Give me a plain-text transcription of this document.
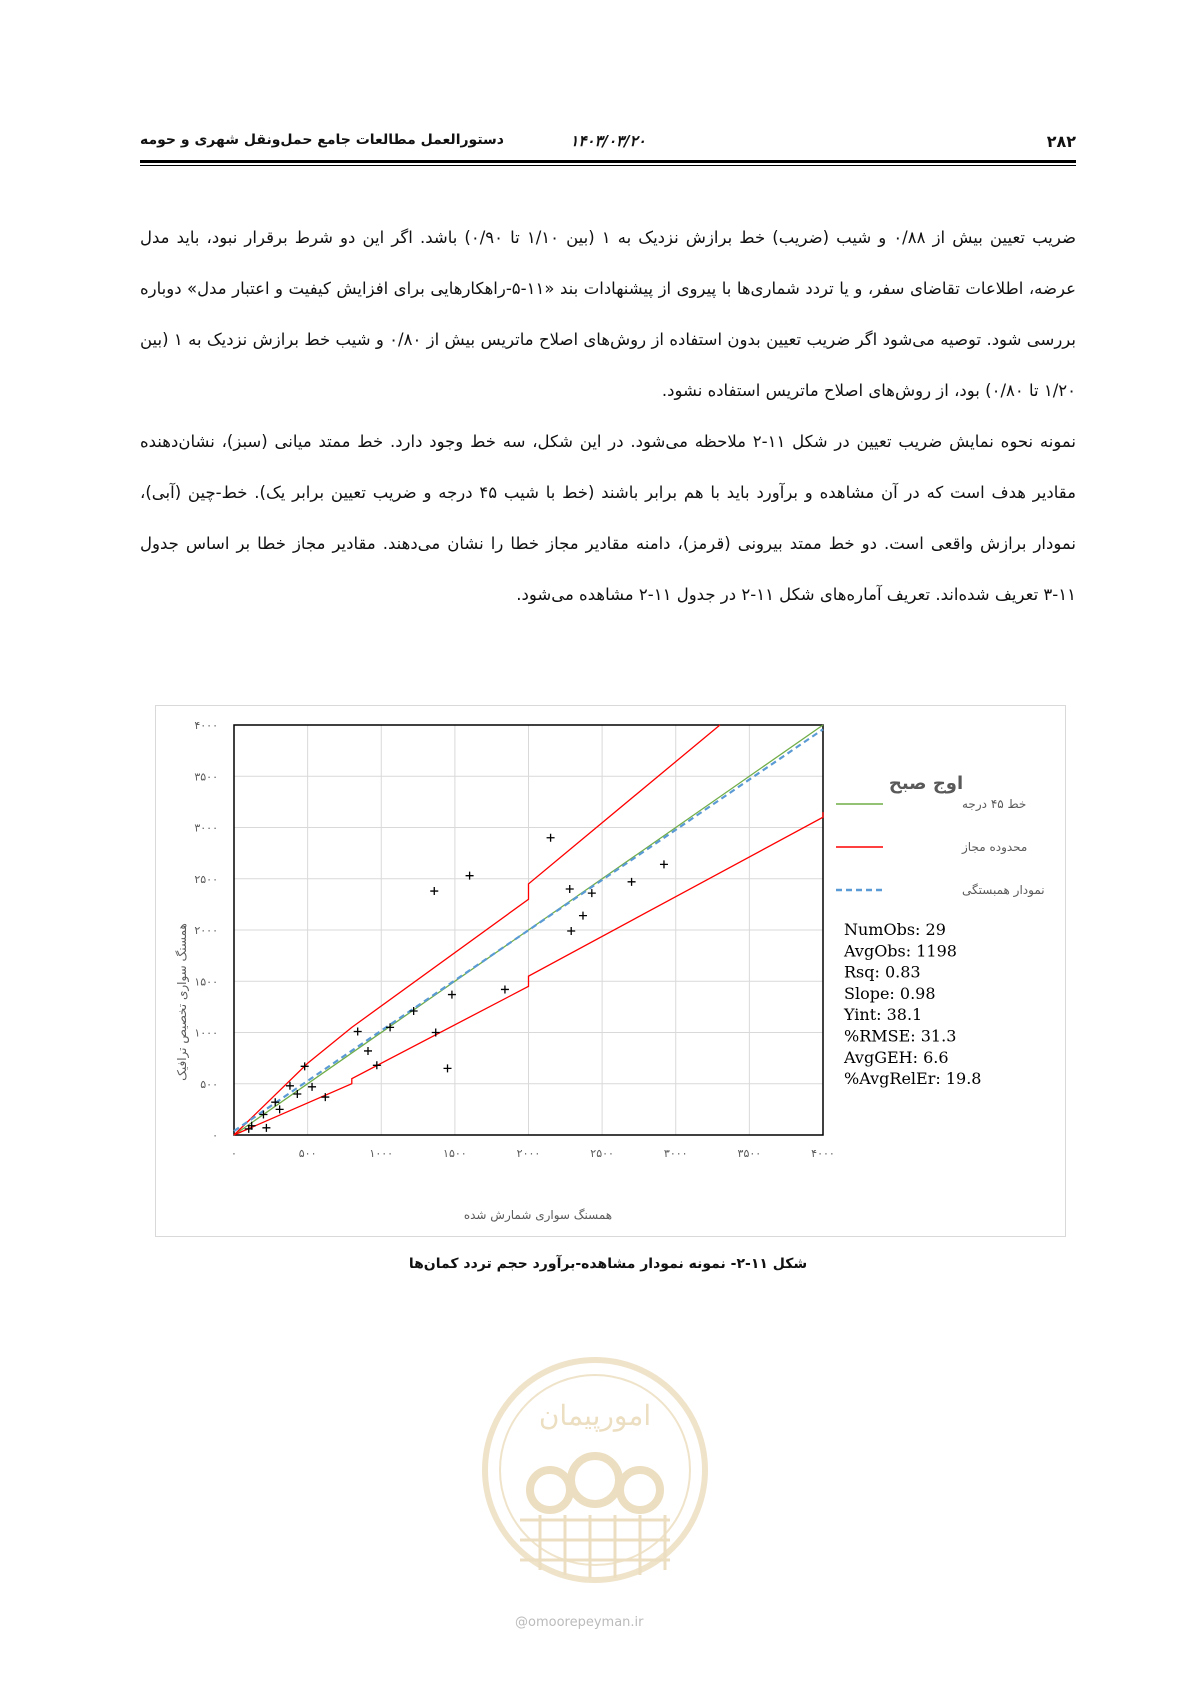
۲۸۲
۱۴۰۳/۰۳/۲۰
دستورالعمل مطالعات جامع حمل‌ونقل شهری و حومه

ضریب تعیین بیش از ۰/۸۸ و شیب (ضریب) خط برازش نزدیک به ۱ (بین ۱/۱۰ تا ۰/۹۰) باشد. اگر این دو شرط برقرار نبود، باید مدل عرضه، اطلاعات تقاضای سفر، و یا تردد شماری‌ها با پیروی از پیشنهادات بند «۱۱-۵-راهکارهایی برای افزایش کیفیت و اعتبار مدل» دوباره بررسی شود. توصیه می‌شود اگر ضریب تعیین بدون استفاده از روش‌های اصلاح ماتریس بیش از ۰/۸۰ و شیب خط برازش نزدیک به ۱ (بین ۱/۲۰ تا ۰/۸۰) بود، از روش‌های اصلاح ماتریس استفاده نشود.

نمونه نحوه نمایش ضریب تعیین در شکل ۱۱-۲ ملاحظه می‌شود. در این شکل، سه خط وجود دارد. خط ممتد میانی (سبز)، نشان‌دهنده مقادیر هدف است که در آن مشاهده و برآورد باید با هم برابر باشند (خط با شیب ۴۵ درجه و ضریب تعیین برابر یک). خط-چین (آبی)، نمودار برازش واقعی است. دو خط ممتد بیرونی (قرمز)، دامنه مقادیر مجاز خطا را نشان می‌دهند. مقادیر مجاز خطا بر اساس جدول ۱۱-۳ تعریف شده‌اند. تعریف آماره‌های شکل ۱۱-۲ در جدول ۱۱-۲ مشاهده می‌شود.

۰	۵۰۰	۱۰۰۰	۱۵۰۰	۲۰۰۰	۲۵۰۰	۳۰۰۰	۳۵۰۰	۴۰۰۰
۰
۵۰۰
۱۰۰۰
۱۵۰۰
۲۰۰۰
۲۵۰۰
۳۰۰۰
۳۵۰۰
۴۰۰۰
خط ۴۵ درجه
محدوده مجاز
نمودار همبستگی
اوج صبح
همسنگ سواری شمارش شده
همسنگ سواری تخصیص ترافیک	NumObs: 29
AvgObs: 1198
Rsq: 0.83
Slope: 0.98
Yint: 38.1
%RMSE: 31.3
AvgGEH: 6.6
%AvgRelEr: 19.8
شکل ۱۱-۲- نمونه نمودار مشاهده-برآورد حجم تردد کمان‌ها
امورپیمان
@omoorepeyman.ir
